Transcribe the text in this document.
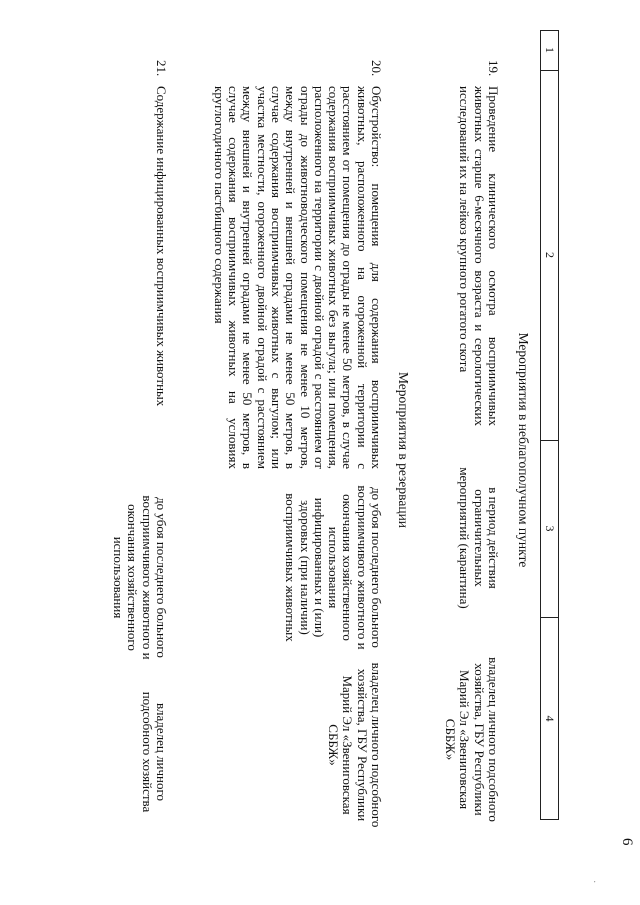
6
1
2
3
4
Мероприятия в неблагополучном пункте
19.
Проведение клинического осмотра восприимчивых животных старше 6-месячного возраста и серологических исследований их на лейкоз крупного рогатого скота
в период действия ограничительных мероприятий (карантина)
владелец личного подсобного хозяйства, ГБУ Республики Марий Эл «Звениговская СББЖ»
Мероприятия в резервации
20.
Обустройство: помещения для содержания восприимчивых животных, расположенного на огороженной территории с расстоянием от помещения до ограды не менее 50 метров, в случае содержания восприимчивых животных без выгула; или помещения, расположенного на территории с двойной оградой с расстоянием от ограды до животноводческого помещения не менее 10 метров, между внутренней и внешней оградами не менее 50 метров, в случае содержания восприимчивых животных с выгулом; или участка местности, огороженного двойной оградой с расстоянием между внешней и внутренней оградами не менее 50 метров, в случае содержания восприимчивых животных на условиях круглогодичного пастбищного содержания
до убоя последнего больного восприимчивого животного и окончания хозяйственного использования инфицированных и (или) здоровых (при наличии) восприимчивых животных
владелец личного подсобного хозяйства, ГБУ Республики Марий Эл «Звениговская СББЖ»
21.
Содержание инфицированных восприимчивых животных
до убоя последнего больного восприимчивого животного и окончания хозяйственного использования
владелец личного подсобного хозяйства
·
